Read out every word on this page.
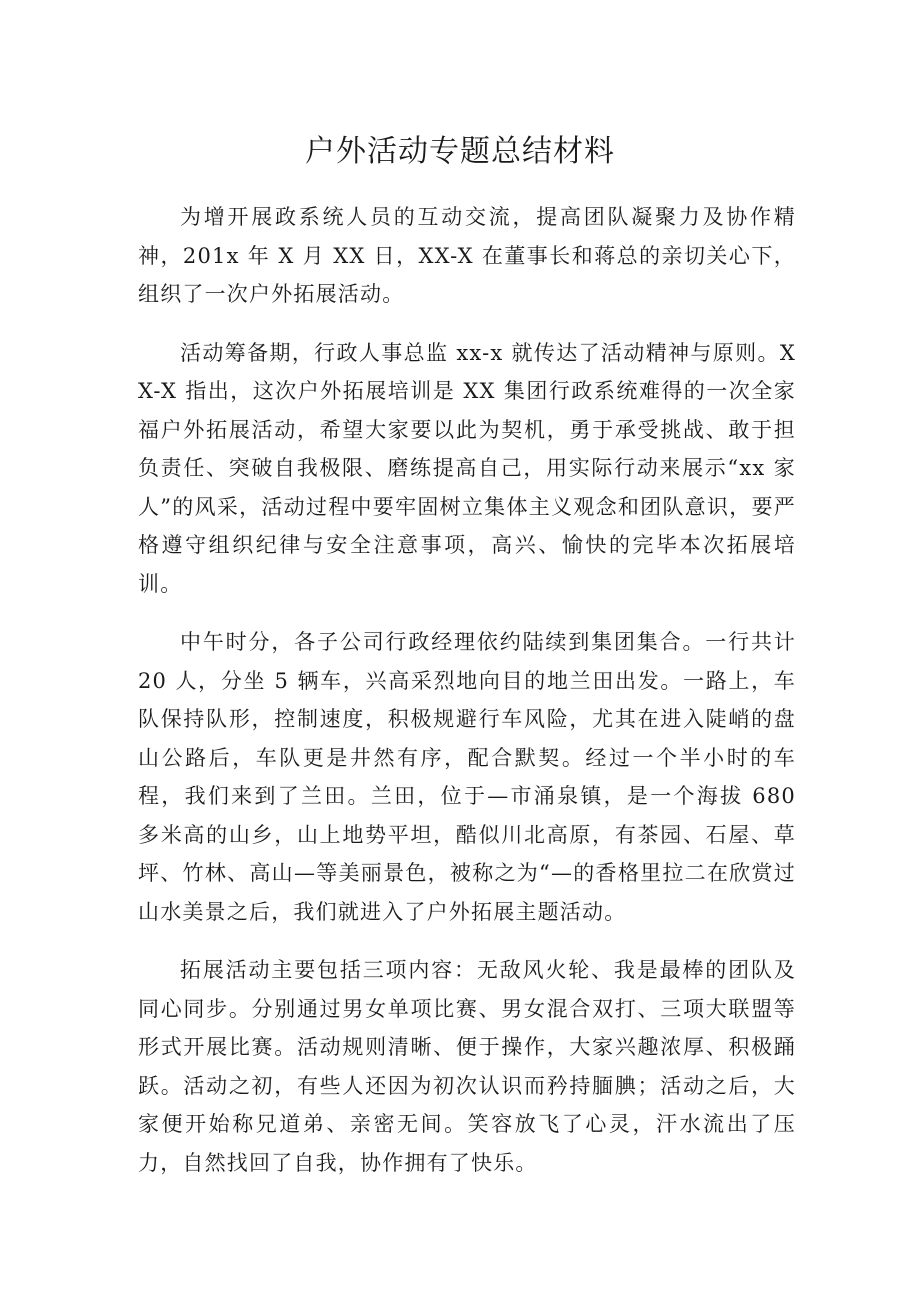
户外活动专题总结材料

为增开展政系统人员的互动交流，提高团队凝聚力及协作精神，201x 年 X 月 XX 日，XX-X 在董事长和蒋总的亲切关心下，组织了一次户外拓展活动。

活动筹备期，行政人事总监 xx-x 就传达了活动精神与原则。XX-X 指出，这次户外拓展培训是 XX 集团行政系统难得的一次全家福户外拓展活动，希望大家要以此为契机，勇于承受挑战、敢于担负责任、突破自我极限、磨练提高自己，用实际行动来展示“xx 家人”的风采，活动过程中要牢固树立集体主义观念和团队意识，要严格遵守组织纪律与安全注意事项，高兴、愉快的完毕本次拓展培训。

中午时分，各子公司行政经理依约陆续到集团集合。一行共计 20 人，分坐 5 辆车，兴高采烈地向目的地兰田出发。一路上，车队保持队形，控制速度，积极规避行车风险，尤其在进入陡峭的盘山公路后，车队更是井然有序，配合默契。经过一个半小时的车程，我们来到了兰田。兰田，位于—市涌泉镇，是一个海拔 680 多米高的山乡，山上地势平坦，酷似川北高原，有茶园、石屋、草坪、竹林、高山—等美丽景色，被称之为“—的香格里拉二在欣赏过山水美景之后，我们就进入了户外拓展主题活动。

拓展活动主要包括三项内容：无敌风火轮、我是最棒的团队及同心同步。分别通过男女单项比赛、男女混合双打、三项大联盟等形式开展比赛。活动规则清晰、便于操作，大家兴趣浓厚、积极踊跃。活动之初，有些人还因为初次认识而矜持腼腆；活动之后，大家便开始称兄道弟、亲密无间。笑容放飞了心灵，汗水流出了压力，自然找回了自我，协作拥有了快乐。
